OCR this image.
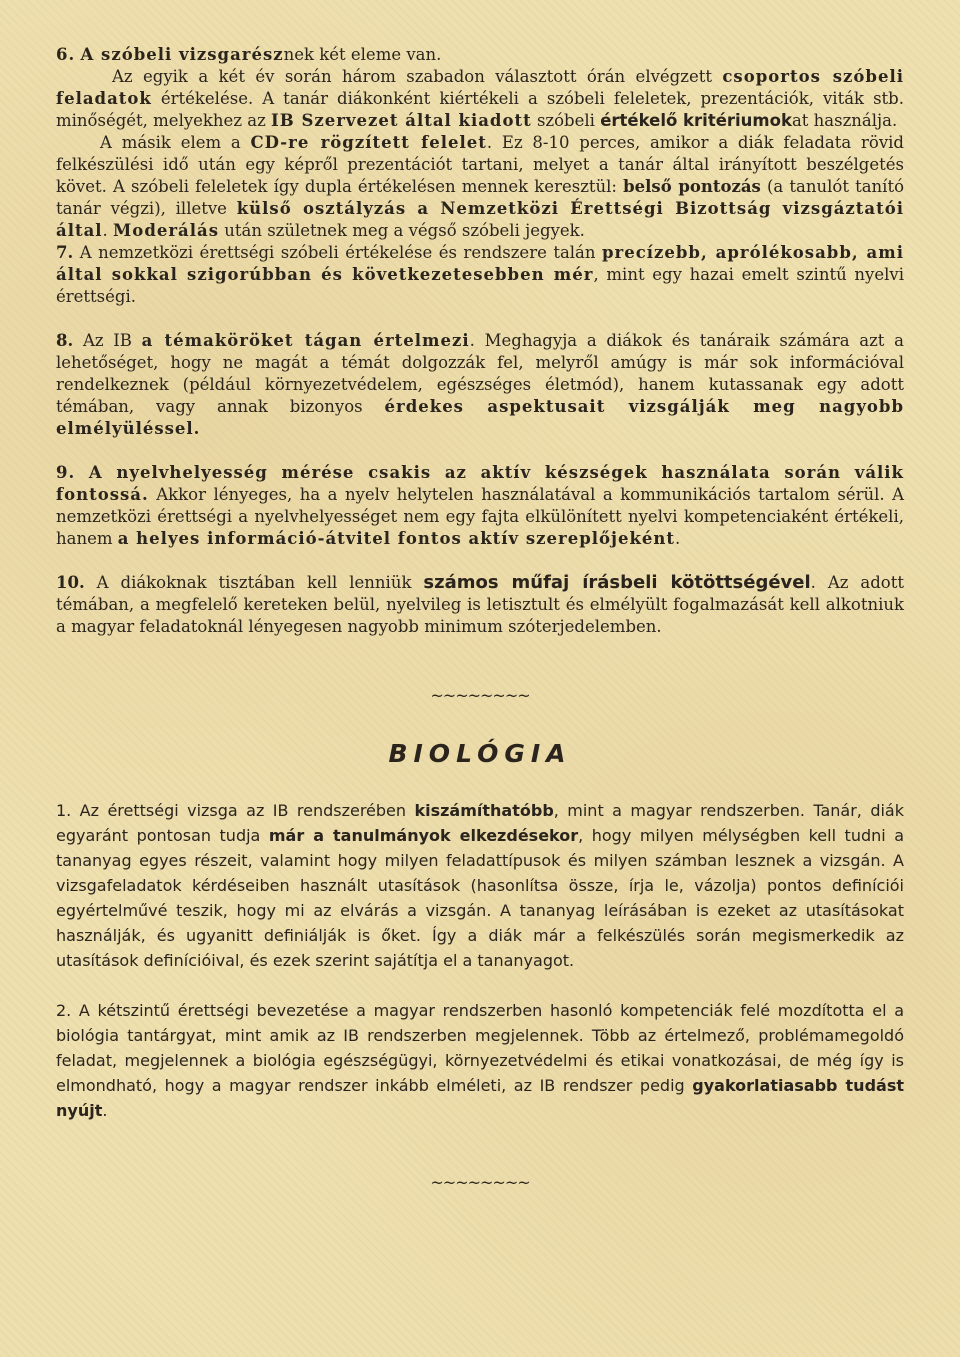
6. A szóbeli vizsgarésznek két eleme van.

Az egyik a két év során három szabadon választott órán elvégzett csoportos szóbeli feladatok értékelése. A tanár diákonként kiértékeli a szóbeli feleletek, prezentációk, viták stb. minőségét, melyekhez az IB Szervezet által kiadott szóbeli értékelő kritériumokat használja.

A másik elem a CD-re rögzített felelet. Ez 8-10 perces, amikor a diák feladata rövid felkészülési idő után egy képről prezentációt tartani, melyet a tanár által irányított beszélgetés követ. A szóbeli feleletek így dupla értékelésen mennek keresztül: belső pontozás (a tanulót tanító tanár végzi), illetve külső osztályzás a Nemzetközi Érettségi Bizottság vizsgáztatói által. Moderálás után születnek meg a végső szóbeli jegyek.

7. A nemzetközi érettségi szóbeli értékelése és rendszere talán precízebb, aprólékosabb, ami által sokkal szigorúbban és következetesebben mér, mint egy hazai emelt szintű nyelvi érettségi.

8. Az IB a témaköröket tágan értelmezi. Meghagyja a diákok és tanáraik számára azt a lehetőséget, hogy ne magát a témát dolgozzák fel, melyről amúgy is már sok információval rendelkeznek (például környezetvédelem, egészséges életmód), hanem kutassanak egy adott témában, vagy annak bizonyos érdekes aspektusait vizsgálják meg nagyobb elmélyüléssel.

9. A nyelvhelyesség mérése csakis az aktív készségek használata során válik fontossá. Akkor lényeges, ha a nyelv helytelen használatával a kommunikációs tartalom sérül. A nemzetközi érettségi a nyelvhelyességet nem egy fajta elkülönített nyelvi kompetenciaként értékeli, hanem a helyes információ-átvitel fontos aktív szereplőjeként.

10. A diákoknak tisztában kell lenniük számos műfaj írásbeli kötöttségével. Az adott témában, a megfelelő kereteken belül, nyelvileg is letisztult és elmélyült fogalmazását kell alkotniuk a magyar feladatoknál lényegesen nagyobb minimum szóterjedelemben.

~~~~~~~~
BIOLÓGIA

1. Az érettségi vizsga az IB rendszerében kiszámíthatóbb, mint a magyar rendszerben. Tanár, diák egyaránt pontosan tudja már a tanulmányok elkezdésekor, hogy milyen mélységben kell tudni a tananyag egyes részeit, valamint hogy milyen feladattípusok és milyen számban lesznek a vizsgán. A vizsgafeladatok kérdéseiben használt utasítások (hasonlítsa össze, írja le, vázolja) pontos definíciói egyértelművé teszik, hogy mi az elvárás a vizsgán. A tananyag leírásában is ezeket az utasításokat használják, és ugyanitt definiálják is őket. Így a diák már a felkészülés során megismerkedik az utasítások definícióival, és ezek szerint sajátítja el a tananyagot.

2. A kétszintű érettségi bevezetése a magyar rendszerben hasonló kompetenciák felé mozdította el a biológia tantárgyat, mint amik az IB rendszerben megjelennek. Több az értelmező, problémamegoldó feladat, megjelennek a biológia egészségügyi, környezetvédelmi és etikai vonatkozásai, de még így is elmondható, hogy a magyar rendszer inkább elméleti, az IB rendszer pedig gyakorlatiasabb tudást nyújt.

~~~~~~~~
